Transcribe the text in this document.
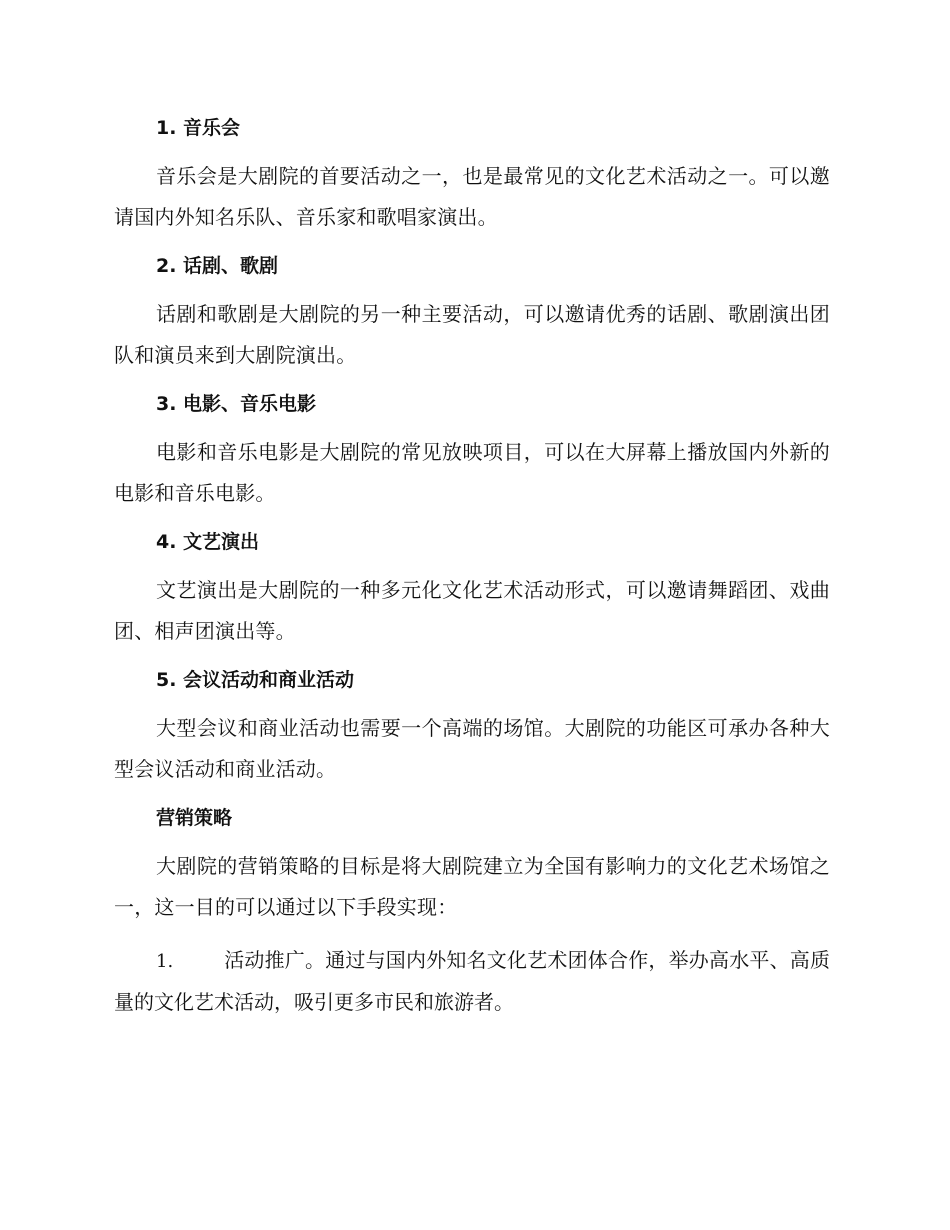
1. 音乐会

音乐会是大剧院的首要活动之一，也是最常见的文化艺术活动之一。可以邀请国内外知名乐队、音乐家和歌唱家演出。

2. 话剧、歌剧

话剧和歌剧是大剧院的另一种主要活动，可以邀请优秀的话剧、歌剧演出团队和演员来到大剧院演出。

3. 电影、音乐电影

电影和音乐电影是大剧院的常见放映项目，可以在大屏幕上播放国内外新的电影和音乐电影。

4. 文艺演出

文艺演出是大剧院的一种多元化文化艺术活动形式，可以邀请舞蹈团、戏曲团、相声团演出等。

5. 会议活动和商业活动

大型会议和商业活动也需要一个高端的场馆。大剧院的功能区可承办各种大型会议活动和商业活动。

营销策略

大剧院的营销策略的目标是将大剧院建立为全国有影响力的文化艺术场馆之一，这一目的可以通过以下手段实现：

1.	活动推广。通过与国内外知名文化艺术团体合作，举办高水平、高质量的文化艺术活动，吸引更多市民和旅游者。
